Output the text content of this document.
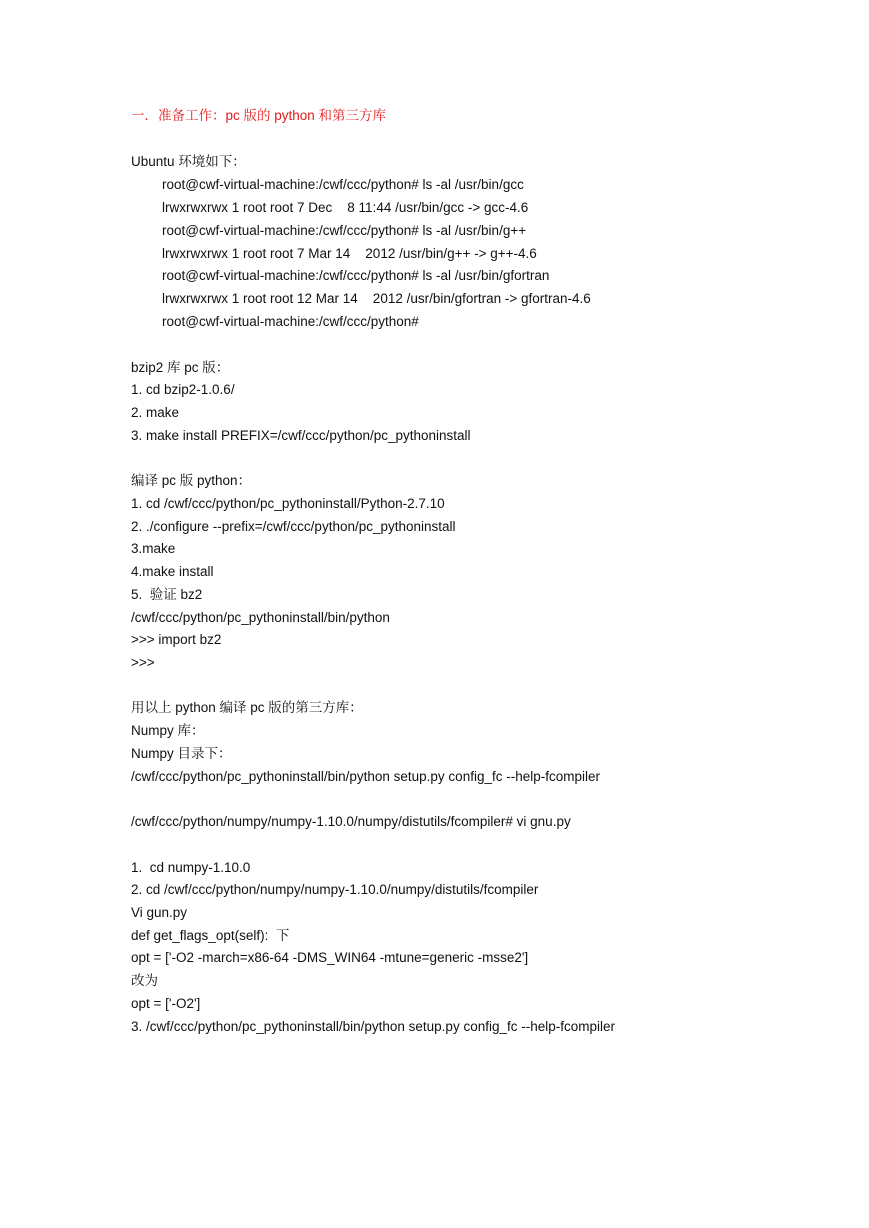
一．准备工作：pc 版的 python 和第三方库
Ubuntu 环境如下：
root@cwf-virtual-machine:/cwf/ccc/python# ls -al /usr/bin/gcc
lrwxrwxrwx 1 root root 7 Dec    8 11:44 /usr/bin/gcc -> gcc-4.6
root@cwf-virtual-machine:/cwf/ccc/python# ls -al /usr/bin/g++
lrwxrwxrwx 1 root root 7 Mar 14    2012 /usr/bin/g++ -> g++-4.6
root@cwf-virtual-machine:/cwf/ccc/python# ls -al /usr/bin/gfortran
lrwxrwxrwx 1 root root 12 Mar 14    2012 /usr/bin/gfortran -> gfortran-4.6
root@cwf-virtual-machine:/cwf/ccc/python#
bzip2 库 pc 版：
1. cd bzip2-1.0.6/
2. make
3. make install PREFIX=/cwf/ccc/python/pc_pythoninstall
编译 pc 版 python：
1. cd /cwf/ccc/python/pc_pythoninstall/Python-2.7.10
2. ./configure --prefix=/cwf/ccc/python/pc_pythoninstall
3.make
4.make install
5.  验证 bz2
/cwf/ccc/python/pc_pythoninstall/bin/python
>>> import bz2
>>>
用以上 python 编译 pc 版的第三方库：
Numpy 库：
Numpy 目录下：
/cwf/ccc/python/pc_pythoninstall/bin/python setup.py config_fc --help-fcompiler
/cwf/ccc/python/numpy/numpy-1.10.0/numpy/distutils/fcompiler# vi gnu.py
1.  cd numpy-1.10.0
2. cd /cwf/ccc/python/numpy/numpy-1.10.0/numpy/distutils/fcompiler
Vi gun.py
def get_flags_opt(self):  下
opt = ['-O2 -march=x86-64 -DMS_WIN64 -mtune=generic -msse2']
改为
opt = ['-O2']
3. /cwf/ccc/python/pc_pythoninstall/bin/python setup.py config_fc --help-fcompiler
